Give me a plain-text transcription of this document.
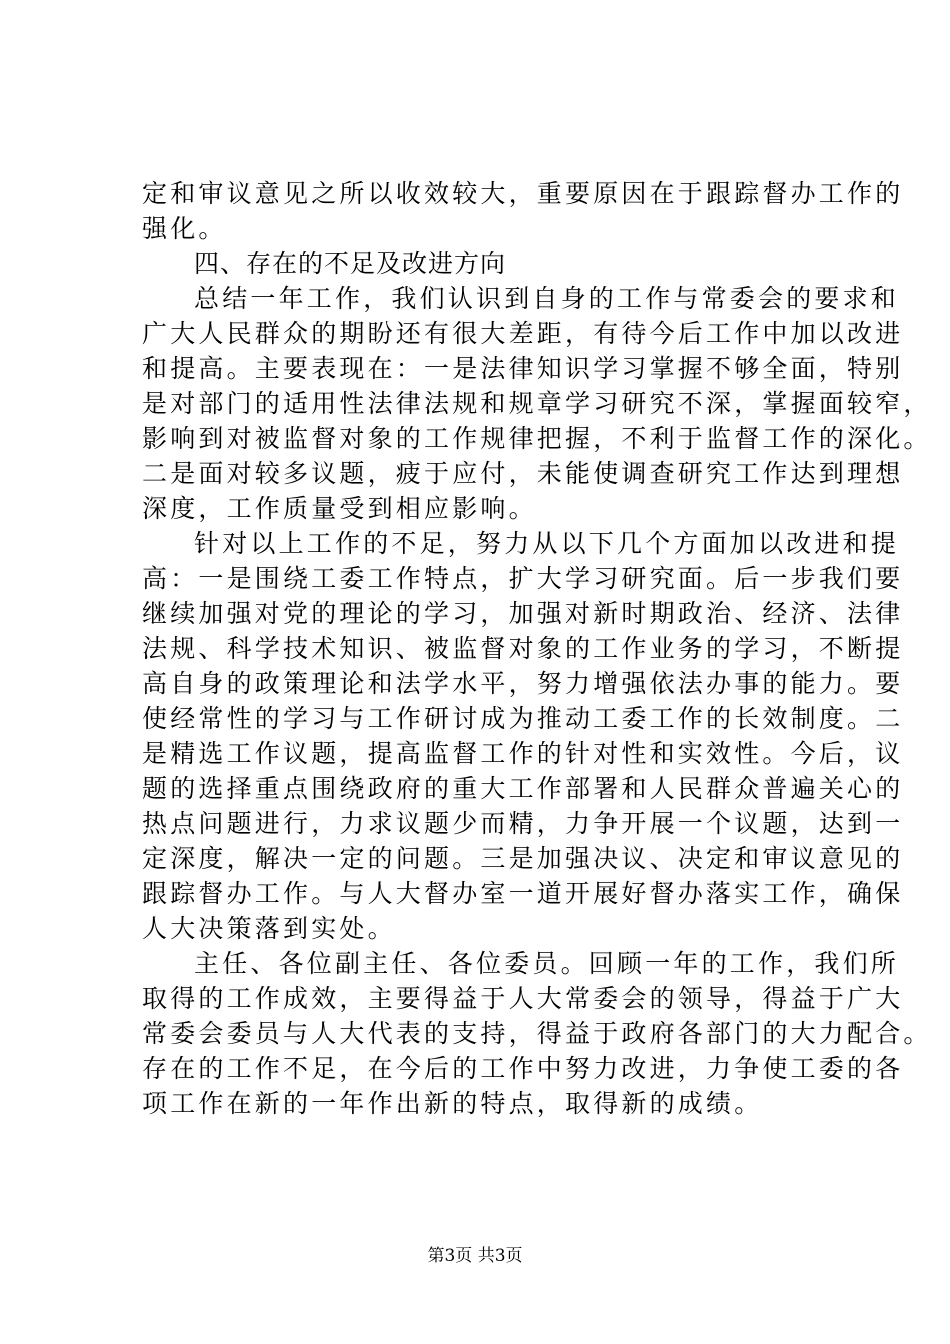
定和审议意见之所以收效较大，重要原因在于跟踪督办工作的
强化。
四、存在的不足及改进方向
总结一年工作，我们认识到自身的工作与常委会的要求和
广大人民群众的期盼还有很大差距，有待今后工作中加以改进
和提高。主要表现在：一是法律知识学习掌握不够全面，特别
是对部门的适用性法律法规和规章学习研究不深，掌握面较窄，
影响到对被监督对象的工作规律把握，不利于监督工作的深化。
二是面对较多议题，疲于应付，未能使调查研究工作达到理想
深度，工作质量受到相应影响。
针对以上工作的不足，努力从以下几个方面加以改进和提
高：一是围绕工委工作特点，扩大学习研究面。后一步我们要
继续加强对党的理论的学习，加强对新时期政治、经济、法律
法规、科学技术知识、被监督对象的工作业务的学习，不断提
高自身的政策理论和法学水平，努力增强依法办事的能力。要
使经常性的学习与工作研讨成为推动工委工作的长效制度。二
是精选工作议题，提高监督工作的针对性和实效性。今后，议
题的选择重点围绕政府的重大工作部署和人民群众普遍关心的
热点问题进行，力求议题少而精，力争开展一个议题，达到一
定深度，解决一定的问题。三是加强决议、决定和审议意见的
跟踪督办工作。与人大督办室一道开展好督办落实工作，确保
人大决策落到实处。
主任、各位副主任、各位委员。回顾一年的工作，我们所
取得的工作成效，主要得益于人大常委会的领导，得益于广大
常委会委员与人大代表的支持，得益于政府各部门的大力配合。
存在的工作不足，在今后的工作中努力改进，力争使工委的各
项工作在新的一年作出新的特点，取得新的成绩。
第3页 共3页
